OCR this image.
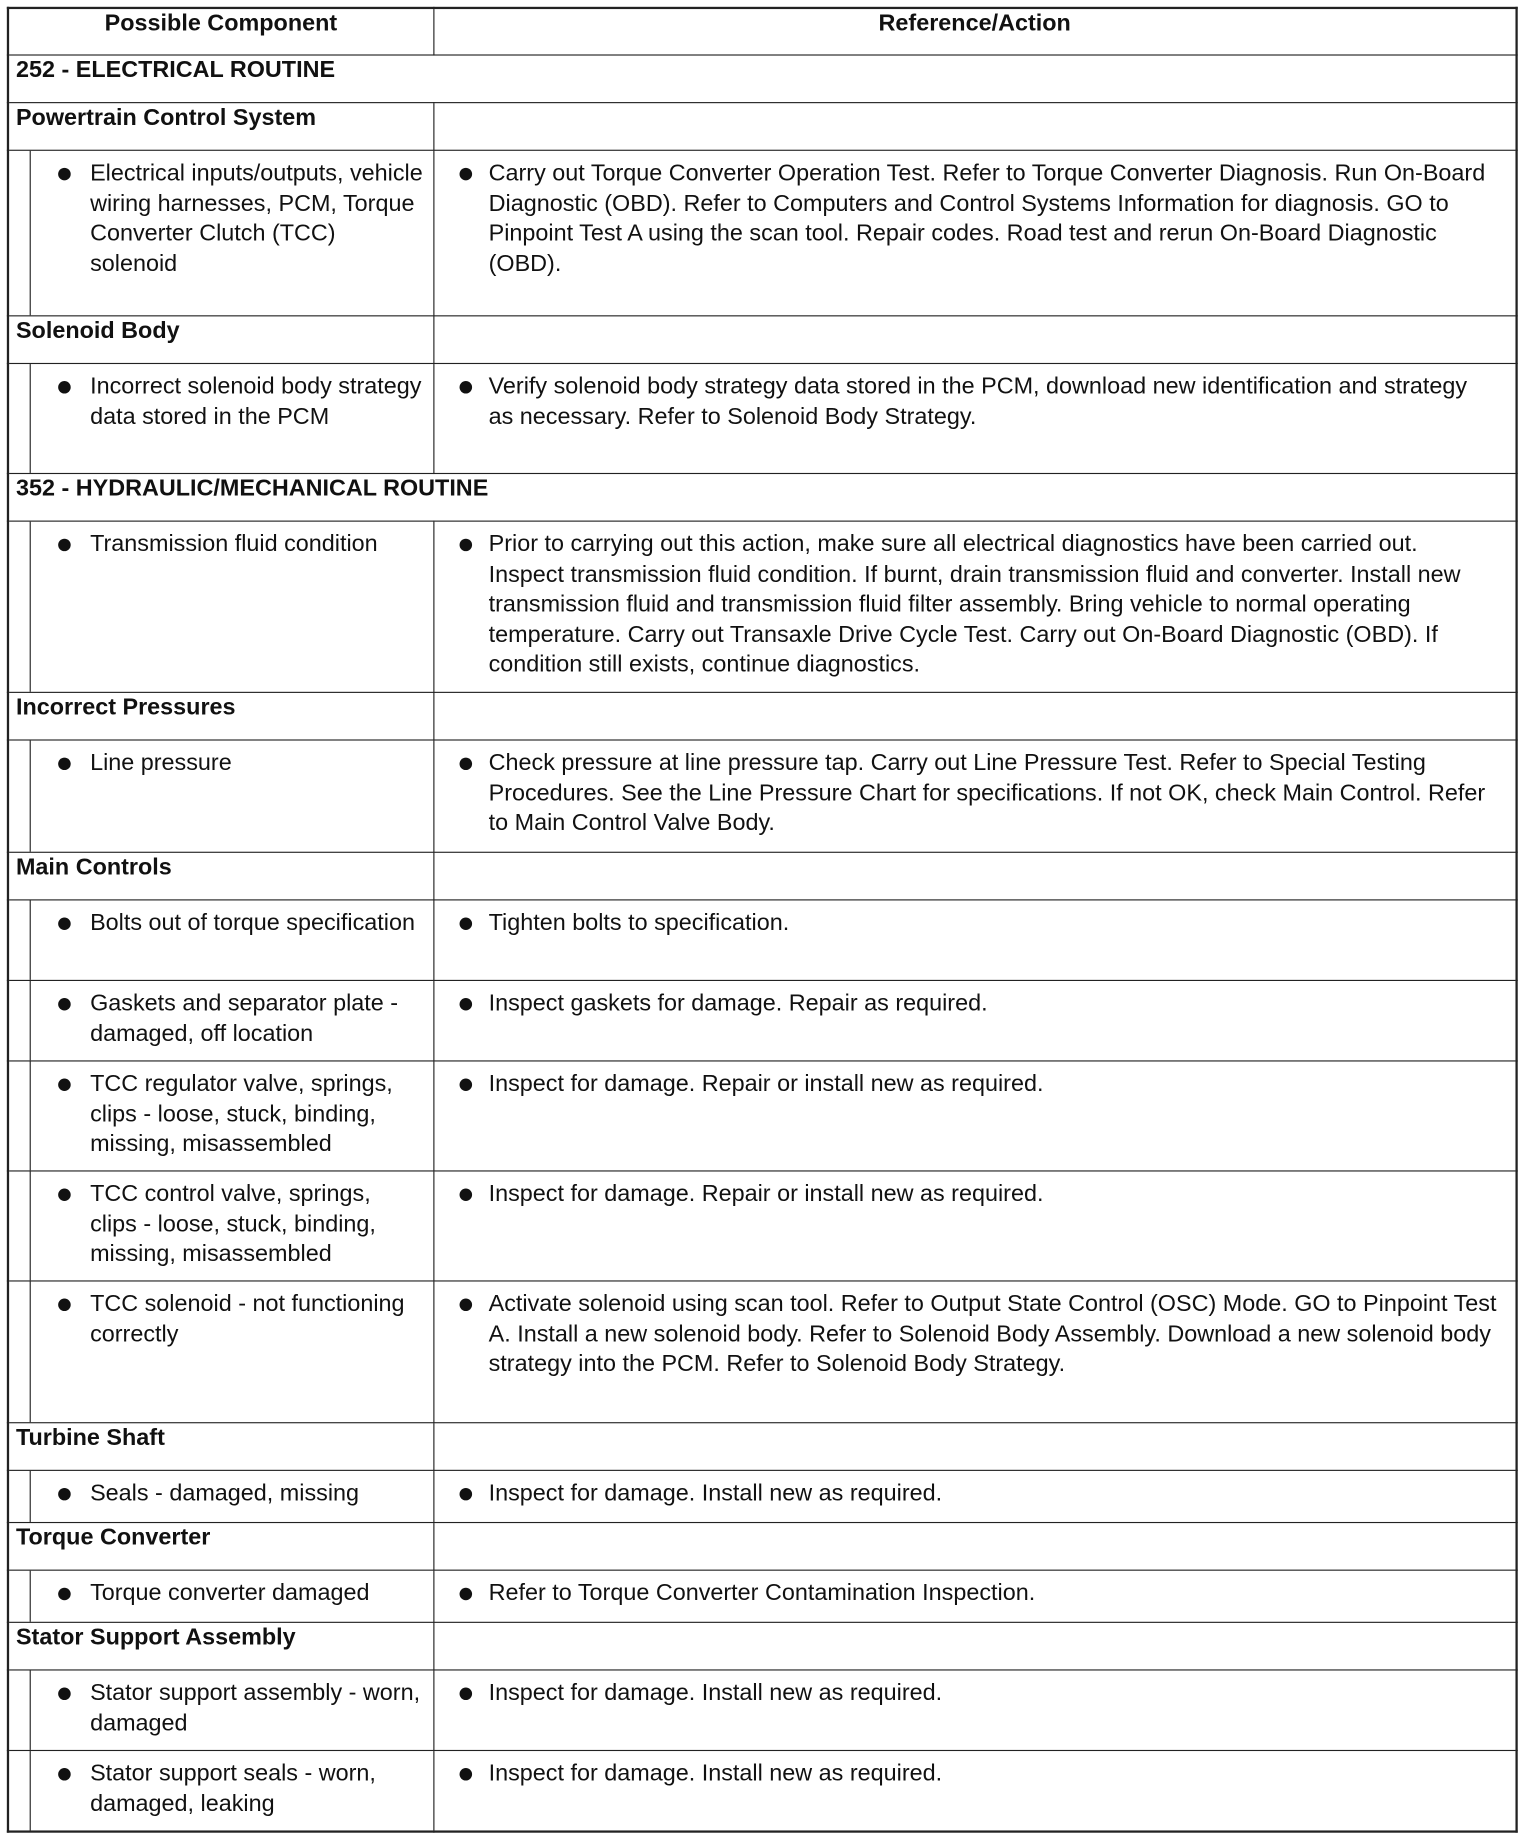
Possible Component	Reference/Action
252 - ELECTRICAL ROUTINE	
Powertrain Control System	

Electrical inputs/outputs, vehicle wiring harnesses, PCM, Torque Converter Clutch (TCC) solenoid	Carry out Torque Converter Operation Test. Refer to Torque Converter Diagnosis. Run On-Board Diagnostic (OBD). Refer to Computers and Control Systems Information for diagnosis. GO to Pinpoint Test A using the scan tool. Repair codes. Road test and rerun On-Board Diagnostic (OBD).

Solenoid Body	

Incorrect solenoid body strategy data stored in the PCM	Verify solenoid body strategy data stored in the PCM, download new identification and strategy as necessary. Refer to Solenoid Body Strategy.

352 - HYDRAULIC/MECHANICAL ROUTINE	

Transmission fluid condition	Prior to carrying out this action, make sure all electrical diagnostics have been carried out. Inspect transmission fluid condition. If burnt, drain transmission fluid and converter. Install new transmission fluid and transmission fluid filter assembly. Bring vehicle to normal operating temperature. Carry out Transaxle Drive Cycle Test. Carry out On-Board Diagnostic (OBD). If condition still exists, continue diagnostics.

Incorrect Pressures	

Line pressure	Check pressure at line pressure tap. Carry out Line Pressure Test. Refer to Special Testing Procedures. See the Line Pressure Chart for specifications. If not OK, check Main Control. Refer to Main Control Valve Body.

Main Controls	

Bolts out of torque specification	Tighten bolts to specification.

Gaskets and separator plate - damaged, off location	Inspect gaskets for damage. Repair as required.

TCC regulator valve, springs, clips - loose, stuck, binding, missing, misassembled	Inspect for damage. Repair or install new as required.

TCC control valve, springs, clips - loose, stuck, binding, missing, misassembled	Inspect for damage. Repair or install new as required.

TCC solenoid - not functioning correctly	Activate solenoid using scan tool. Refer to Output State Control (OSC) Mode. GO to Pinpoint Test A. Install a new solenoid body. Refer to Solenoid Body Assembly. Download a new solenoid body strategy into the PCM. Refer to Solenoid Body Strategy.

Turbine Shaft	

Seals - damaged, missing	Inspect for damage. Install new as required.

Torque Converter	

Torque converter damaged	Refer to Torque Converter Contamination Inspection.

Stator Support Assembly	

Stator support assembly - worn, damaged	Inspect for damage. Install new as required.

Stator support seals - worn, damaged, leaking	Inspect for damage. Install new as required.
